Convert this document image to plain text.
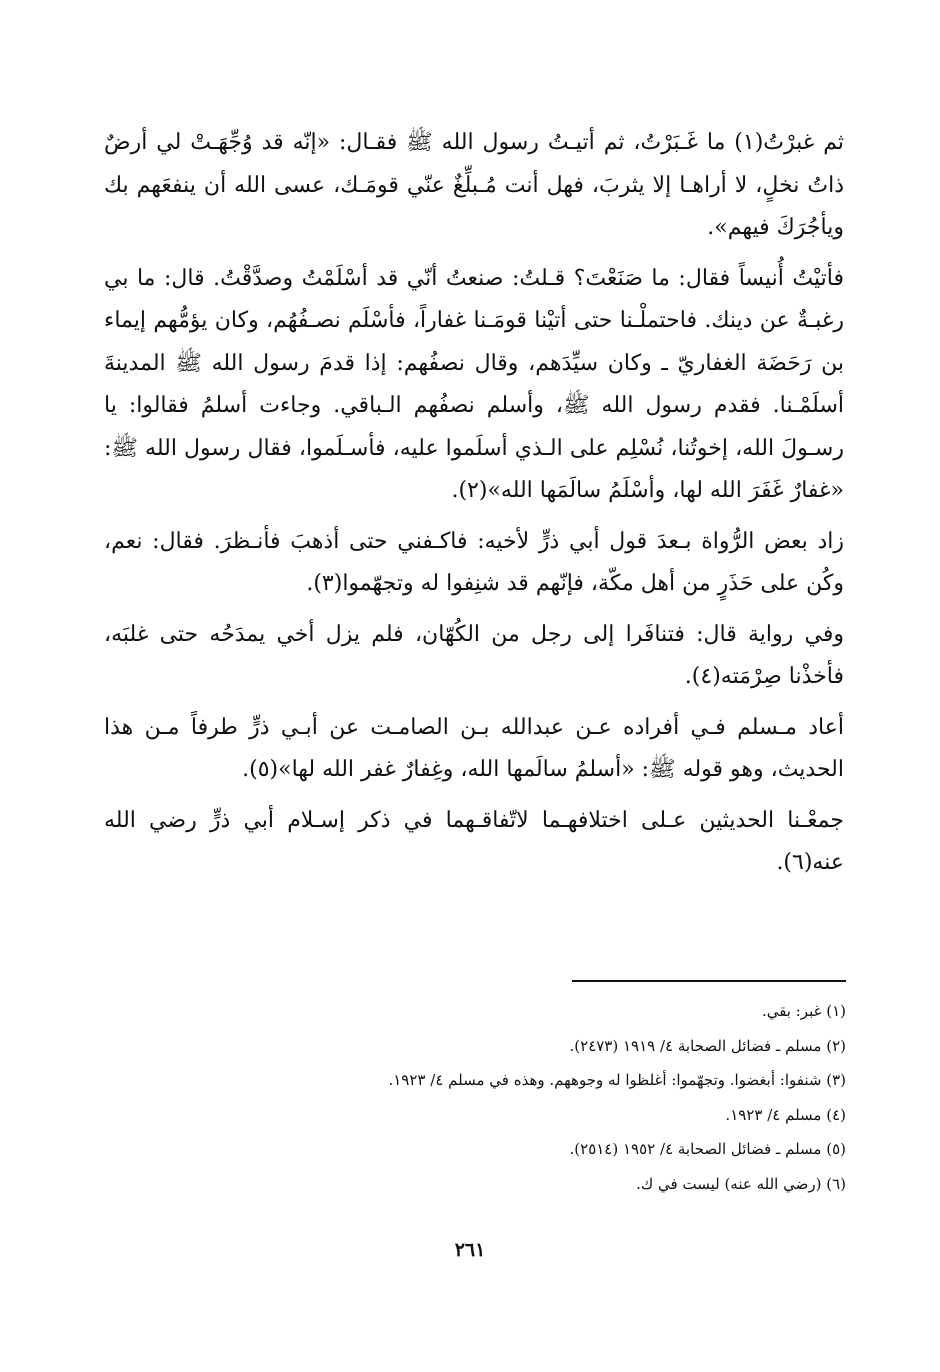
ثم غبرْتُ(١) ما غَـبَرْتُ، ثم أتيـتُ رسول الله ﷺ فقـال: «إنّه قد وُجِّهَـتْ لي أرضٌ ذاتُ نخلٍ، لا أراهـا إلا يثربَ، فهل أنت مُـبلِّغٌ عنّي قومَـك، عسى الله أن ينفعَهم بك ويأجُرَكَ فيهم».

فأتيْتُ أُنيساً فقال: ما صَنَعْتَ؟ قـلتُ: صنعتُ أنّي قد أسْلَمْتُ وصدَّقْتُ. قال: ما بي رغبـةٌ عن دينك. فاحتملْـنا حتى أتيْنا قومَـنا غفاراً، فأسْلَم نصـفُهُم، وكان يؤمُّهم إيماء بن رَحَضَة الغفاريّ ـ وكان سيِّدَهم، وقال نصفُهم: إذا قدمَ رسول الله ﷺ المدينةَ أسلَمْـنا. فقدم رسول الله ﷺ، وأسلم نصفُهم الـباقي. وجاءت أسلمُ فقالوا: يا رسـولَ الله، إخوتُنا، نُسْلِم على الـذي أسلَموا عليه، فأسـلَموا، فقال رسول الله ﷺ: «غفارٌ غَفَرَ الله لها، وأسْلَمُ سالَمَها الله»(٢).

زاد بعض الرُّواة بـعدَ قول أبي ذرٍّ لأخيه: فاكـفني حتى أذهبَ فأنـظرَ. فقال: نعم، وكُن على حَذَرٍ من أهل مكّة، فإنّهم قد شنِفوا له وتجهّموا(٣).

وفي رواية قال: فتنافَرا إلى رجل من الكُهّان، فلم يزل أخي يمدَحُه حتى غلبَه، فأخذْنا صِرْمَته(٤).

أعاد مـسلم فـي أفراده عـن عبدالله بـن الصامـت عن أبـي ذرٍّ طرفاً مـن هذا الحديث، وهو قوله ﷺ: «أسلمُ سالَمها الله، وغِفارٌ غفر الله لها»(٥).

جمعْـنا الحديثين عـلى اختلافهـما لاتّفاقـهما في ذكر إسـلام أبي ذرٍّ رضي الله عنه(٦).

(١) غبر: بقي.

(٢) مسلم ـ فضائل الصحابة ٤/ ١٩١٩ (٢٤٧٣).

(٣) شنفوا: أبغضوا. وتجهّموا: أغلظوا له وجوههم. وهذه في مسلم ٤/ ١٩٢٣.

(٤) مسلم ٤/ ١٩٢٣.

(٥) مسلم ـ فضائل الصحابة ٤/ ١٩٥٢ (٢٥١٤).

(٦) (رضي الله عنه) ليست في ك.

٢٦١
